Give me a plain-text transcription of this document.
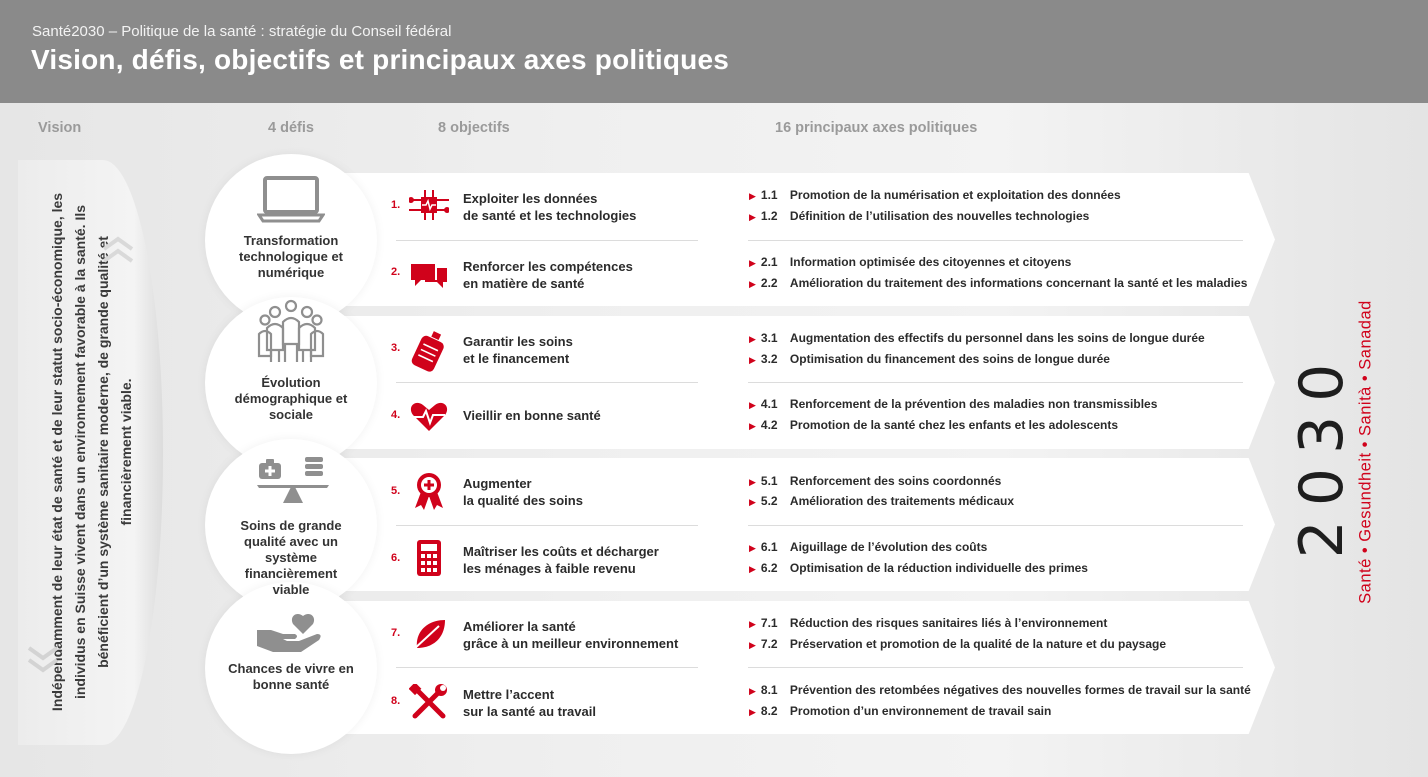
Santé2030 – Politique de la santé : stratégie du Conseil fédéral
Vision, défis, objectifs et principaux axes politiques
Vision	4 défis	8 objectifs	16 principaux axes politiques
Indépendamment de leur état de santé et de leur statut socio-économique, les individus en Suisse vivent dans un environnement favorable à la santé. Ils bénéficient d’un système sanitaire moderne, de grande qualité et financièrement viable.
Transformation technologique et numérique
Évolution démographique et sociale
Soins de grande qualité avec un système financièrement viable
Chances de vivre en bonne santé
1.	Exploiter les données
de santé et les technologies
2.	Renforcer les compétences
en matière de santé
3.	Garantir les soins
et le financement
4.	Vieillir en bonne santé
5.	Augmenter
la qualité des soins
6.	Maîtriser les coûts et décharger
les ménages à faible revenu
7.	Améliorer la santé
grâce à un meilleur environnement
8.	Mettre l’accent
sur la santé au travail
▶ 1.1 Promotion de la numérisation et exploitation des données
▶ 1.2 Définition de l’utilisation des nouvelles technologies
▶ 2.1 Information optimisée des citoyennes et citoyens
▶ 2.2 Amélioration du traitement des informations concernant la santé et les maladies
▶ 3.1 Augmentation des effectifs du personnel dans les soins de longue durée
▶ 3.2 Optimisation du financement des soins de longue durée
▶ 4.1 Renforcement de la prévention des maladies non transmissibles
▶ 4.2 Promotion de la santé chez les enfants et les adolescents
▶ 5.1 Renforcement des soins coordonnés
▶ 5.2 Amélioration des traitements médicaux
▶ 6.1 Aiguillage de l’évolution des coûts
▶ 6.2 Optimisation de la réduction individuelle des primes
▶ 7.1 Réduction des risques sanitaires liés à l’environnement
▶ 7.2 Préservation et promotion de la qualité de la nature et du paysage
▶ 8.1 Prévention des retombées négatives des nouvelles formes de travail sur la santé
▶ 8.2 Promotion d’un environnement de travail sain
2030 Santé • Gesundheit • Sanità • Sanadad
